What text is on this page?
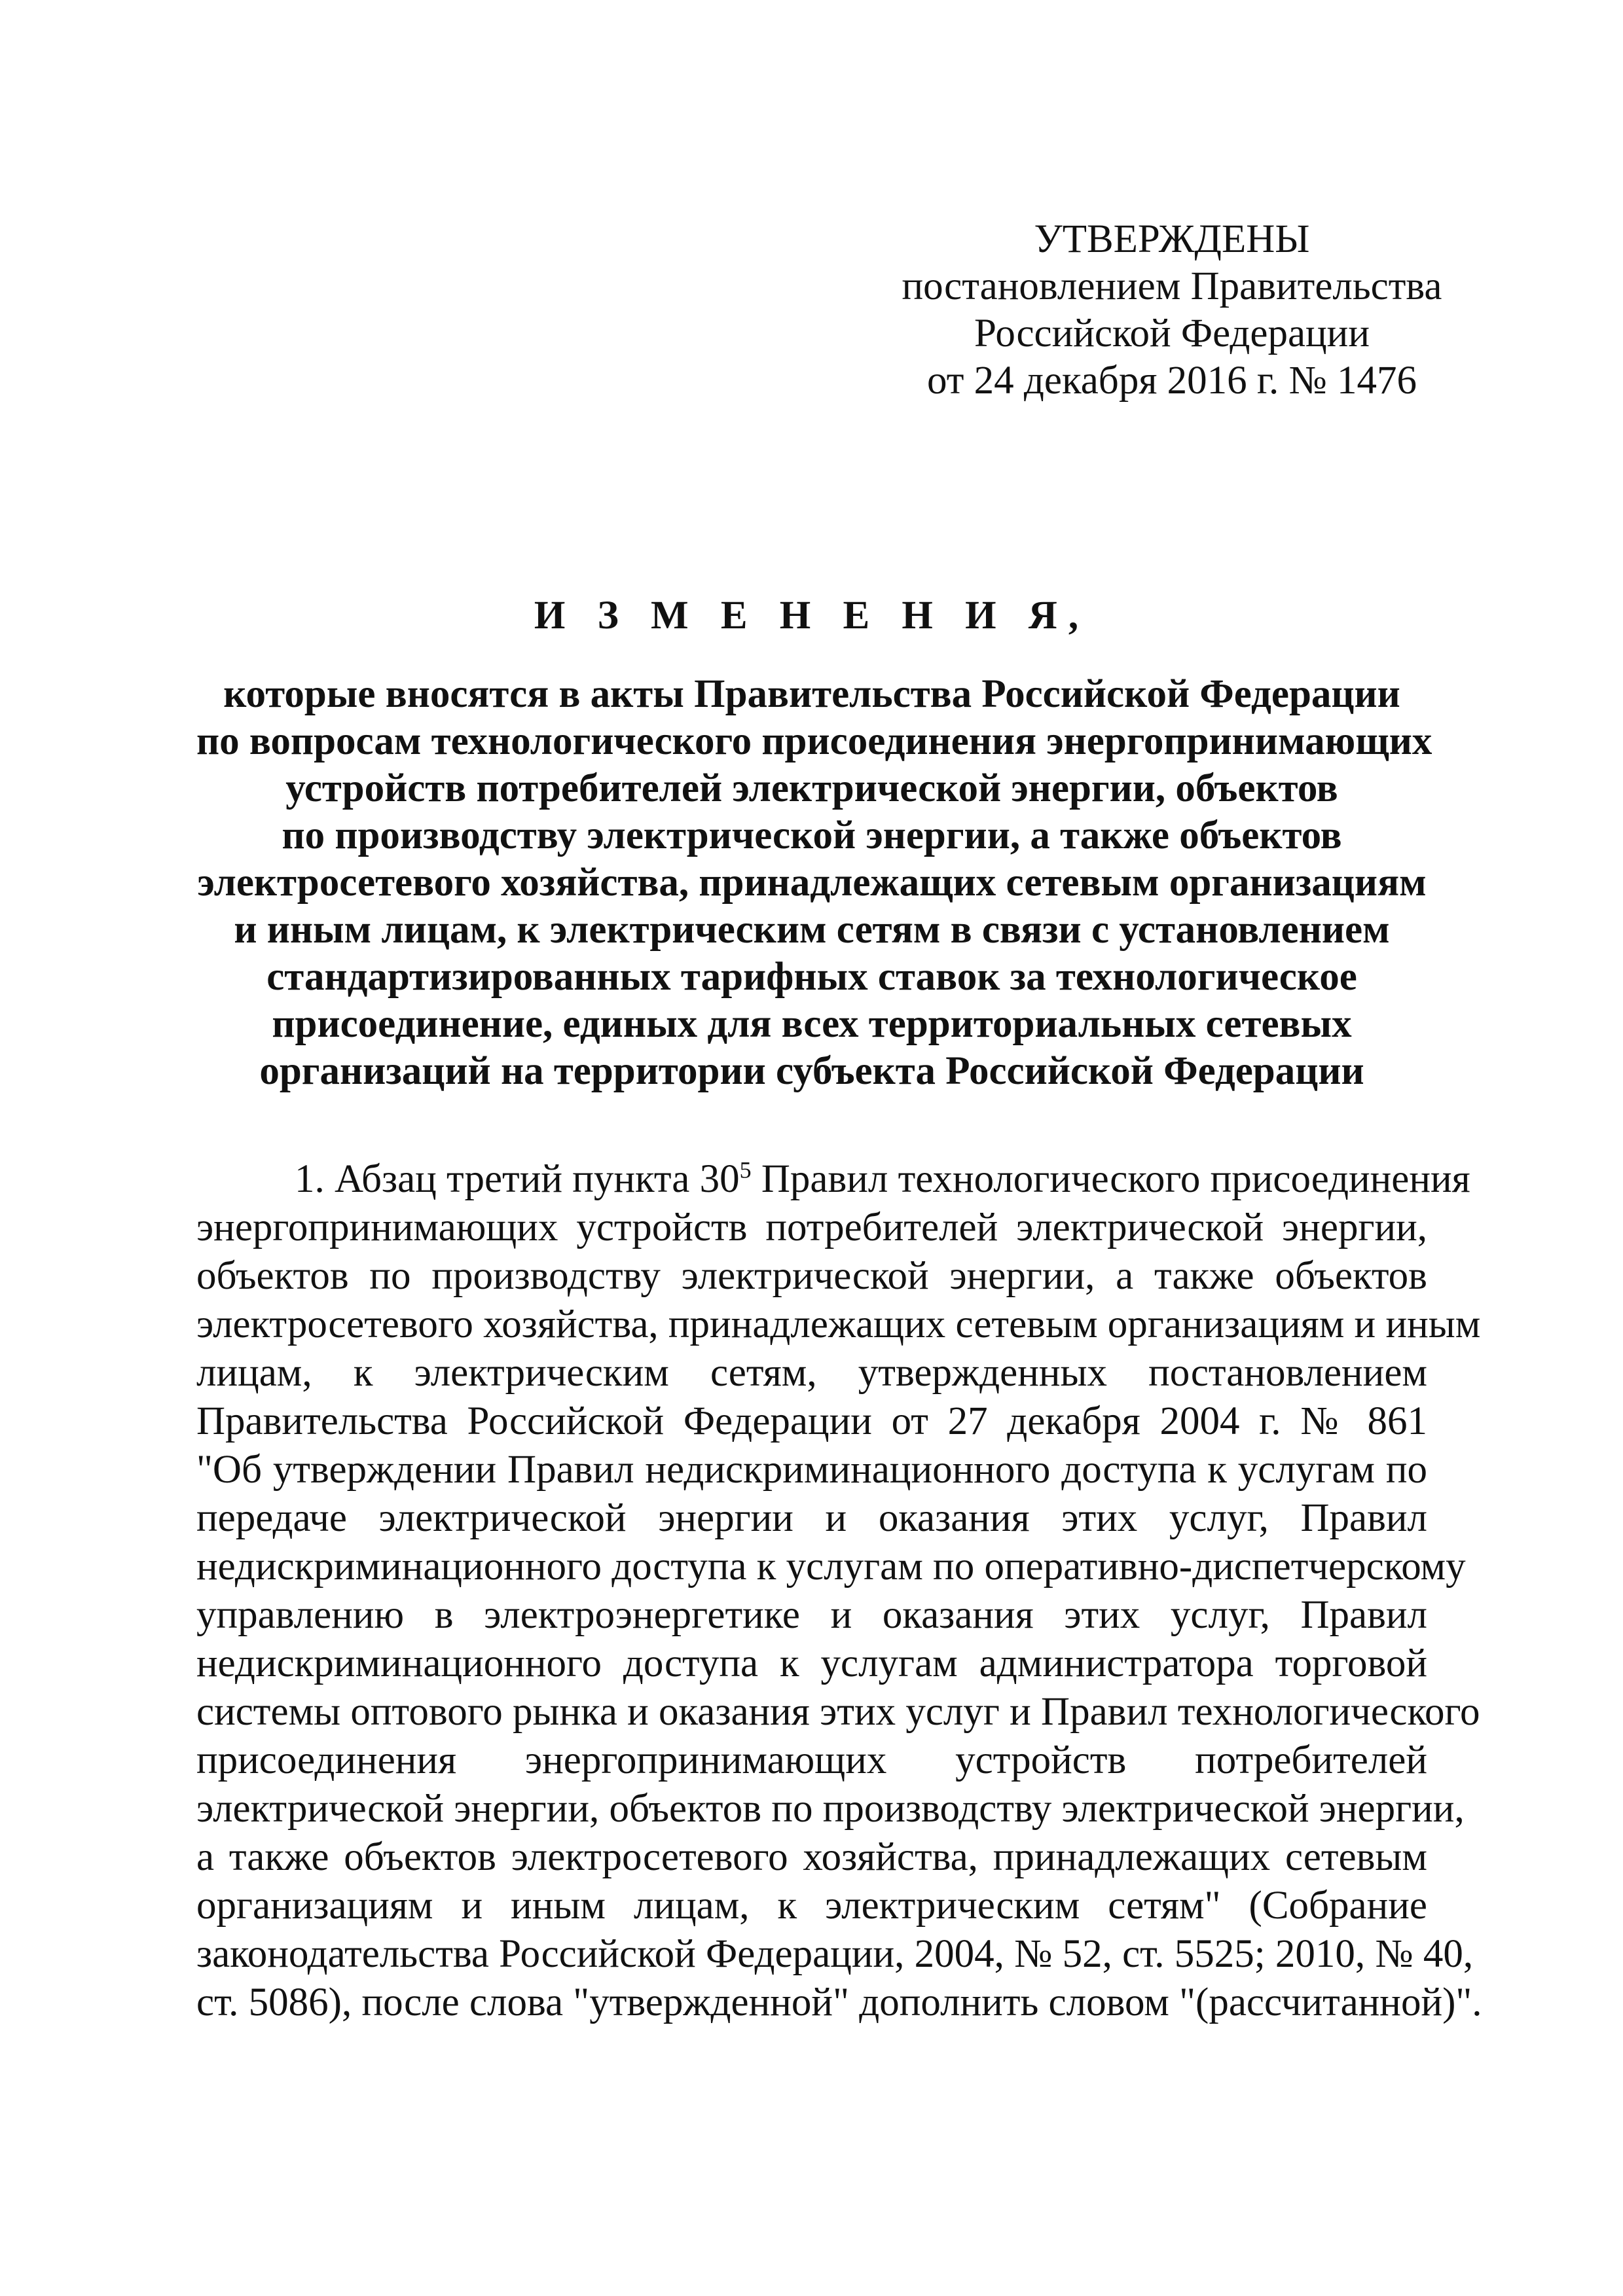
УТВЕРЖДЕНЫ
постановлением Правительства
Российской Федерации
от 24 декабря 2016 г. № 1476
И З М Е Н Е Н И Я,
которые вносятся в акты Правительства Российской Федерации
по вопросам технологического присоединения энергопринимающих
устройств потребителей электрической энергии, объектов
по производству электрической энергии, а также объектов
электросетевого хозяйства, принадлежащих сетевым организациям
и иным лицам, к электрическим сетям в связи с установлением
стандартизированных тарифных ставок за технологическое
присоединение, единых для всех территориальных сетевых
организаций на территории субъекта Российской Федерации
1. Абзац третий пункта $30^5$ Правил технологического присоединения
энергопринимающих устройств потребителей электрической энергии,
объектов по производству электрической энергии, а также объектов
электросетевого хозяйства, принадлежащих сетевым организациям и иным
лицам, к электрическим сетям, утвержденных постановлением
Правительства Российской Федерации от 27 декабря 2004 г. № 861
"Об утверждении Правил недискриминационного доступа к услугам по
передаче электрической энергии и оказания этих услуг, Правил
недискриминационного доступа к услугам по оперативно-диспетчерскому
управлению в электроэнергетике и оказания этих услуг, Правил
недискриминационного доступа к услугам администратора торговой
системы оптового рынка и оказания этих услуг и Правил технологического
присоединения энергопринимающих устройств потребителей
электрической энергии, объектов по производству электрической энергии,
а также объектов электросетевого хозяйства, принадлежащих сетевым
организациям и иным лицам, к электрическим сетям" (Собрание
законодательства Российской Федерации, 2004, № 52, ст. 5525; 2010, № 40,
ст. 5086), после слова "утвержденной" дополнить словом "(рассчитанной)".
